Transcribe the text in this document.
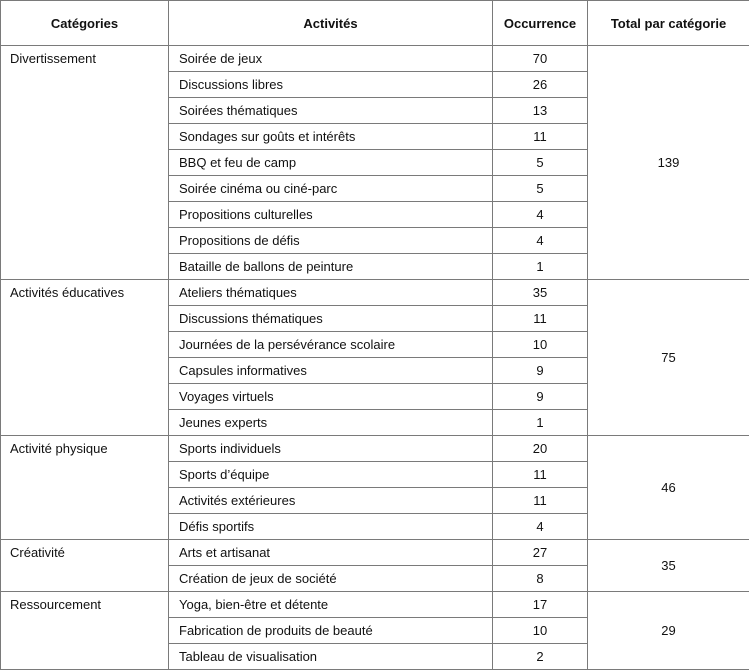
Catégories	Activités	Occurrence	Total par catégorie
Divertissement	Soirée de jeux	70	139
	Discussions libres	26	
	Soirées thématiques	13	
	Sondages sur goûts et intérêts	11	
	BBQ et feu de camp	5	
	Soirée cinéma ou ciné-parc	5	
	Propositions culturelles	4	
	Propositions de défis	4	
	Bataille de ballons de peinture	1	
Activités éducatives	Ateliers thématiques	35	75
	Discussions thématiques	11	
	Journées de la persévérance scolaire	10	
	Capsules informatives	9	
	Voyages virtuels	9	
	Jeunes experts	1	
Activité physique	Sports individuels	20	46
	Sports d’équipe	11	
	Activités extérieures	11	
	Défis sportifs	4	
Créativité	Arts et artisanat	27	35
	Création de jeux de société	8	
Ressourcement	Yoga, bien-être et détente	17	29
	Fabrication de produits de beauté	10	
	Tableau de visualisation	2	
